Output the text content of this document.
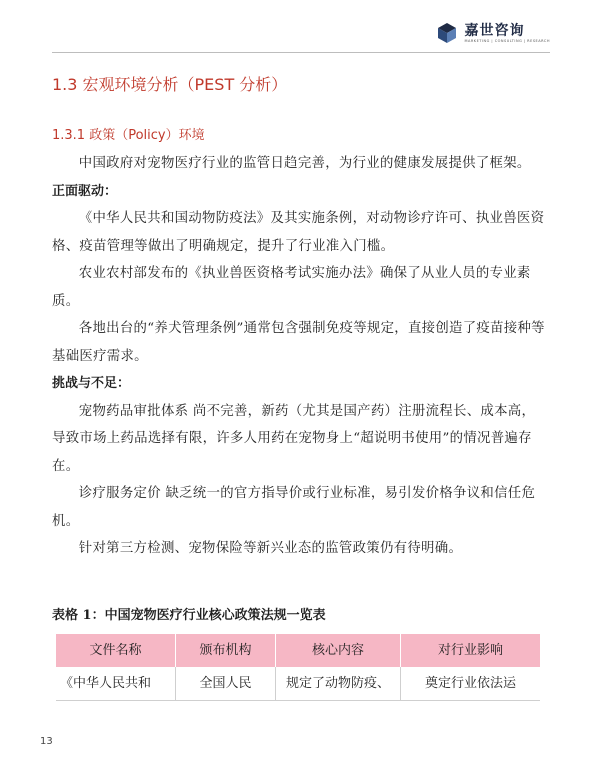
嘉世咨询
MARKETING | CONSULTING | RESEARCH
1.3 宏观环境分析（PEST 分析）
1.3.1 政策（Policy）环境

中国政府对宠物医疗行业的监管日趋完善，为行业的健康发展提供了框架。

正面驱动：

《中华人民共和国动物防疫法》及其实施条例，对动物诊疗许可、执业兽医资格、疫苗管理等做出了明确规定，提升了行业准入门槛。

农业农村部发布的《执业兽医资格考试实施办法》确保了从业人员的专业素质。

各地出台的“养犬管理条例”通常包含强制免疫等规定，直接创造了疫苗接种等基础医疗需求。

挑战与不足：

宠物药品审批体系 尚不完善，新药（尤其是国产药）注册流程长、成本高，导致市场上药品选择有限，许多人用药在宠物身上“超说明书使用”的情况普遍存在。

诊疗服务定价 缺乏统一的官方指导价或行业标准，易引发价格争议和信任危机。

针对第三方检测、宠物保险等新兴业态的监管政策仍有待明确。

表格 1：中国宠物医疗行业核心政策法规一览表
文件名称	颁布机构	核心内容	对行业影响
《中华人民共和	全国人民	规定了动物防疫、	奠定行业依法运
13
